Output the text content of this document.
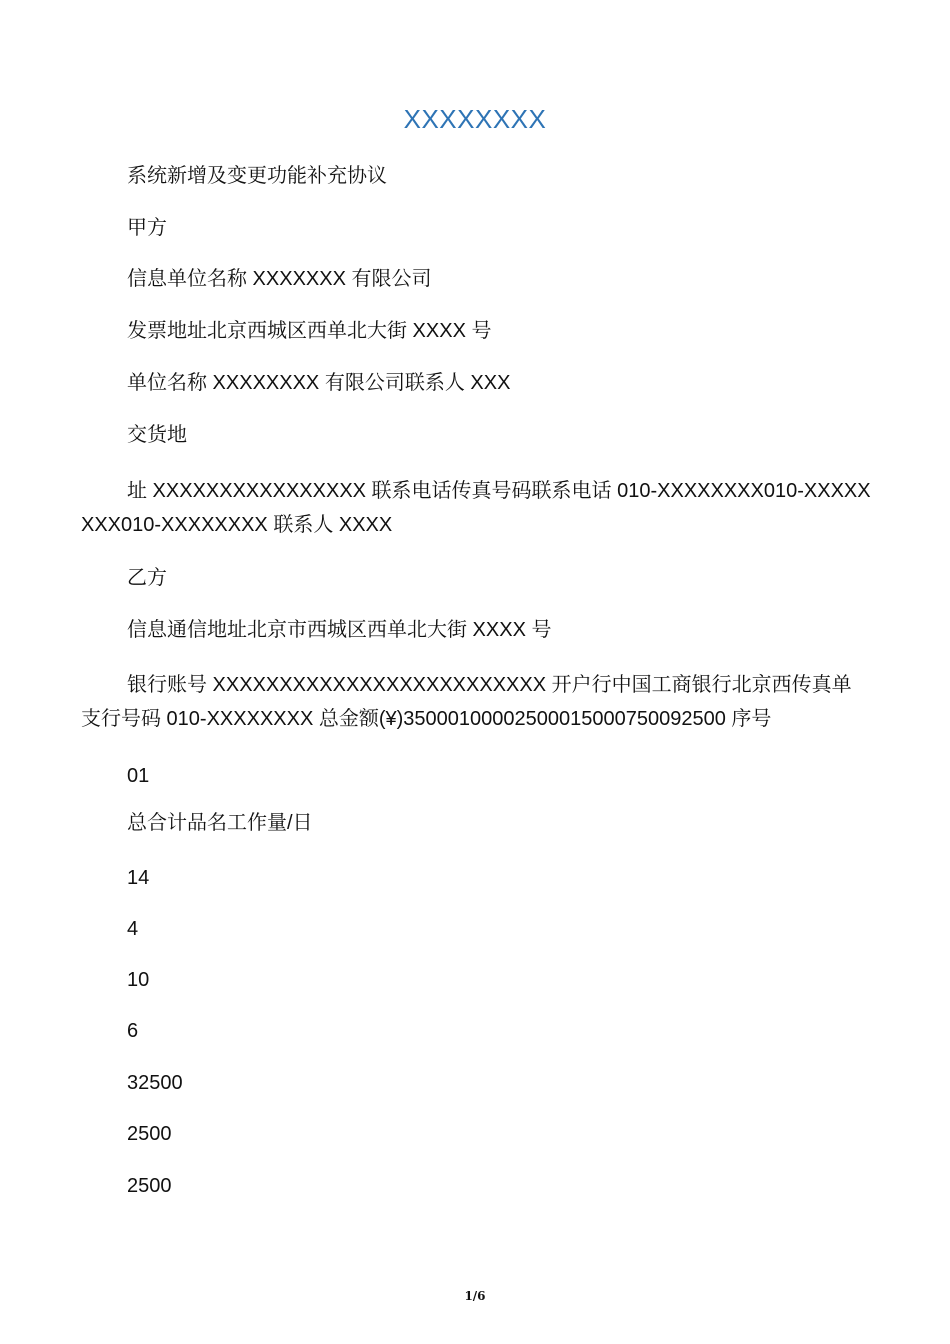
XXXXXXXX
系统新增及变更功能补充协议
甲方
信息单位名称 XXXXXXX 有限公司
发票地址北京西城区西单北大街 XXXX 号
单位名称 XXXXXXXX 有限公司联系人 XXX
交货地
址 XXXXXXXXXXXXXXXX 联系电话传真号码联系电话 010-XXXXXXXX010-XXXXXXXX010-XXXXXXXX 联系人 XXXX
乙方
信息通信地址北京市西城区西单北大街 XXXX 号
银行账号 XXXXXXXXXXXXXXXXXXXXXXXXX 开户行中国工商银行北京西传真单支行号码 010-XXXXXXXX 总金额(¥)3500010000250001500075009​2500 序号
01
总合计品名工作量/日
14
4
10
6
32500
2500
2500
1/6
